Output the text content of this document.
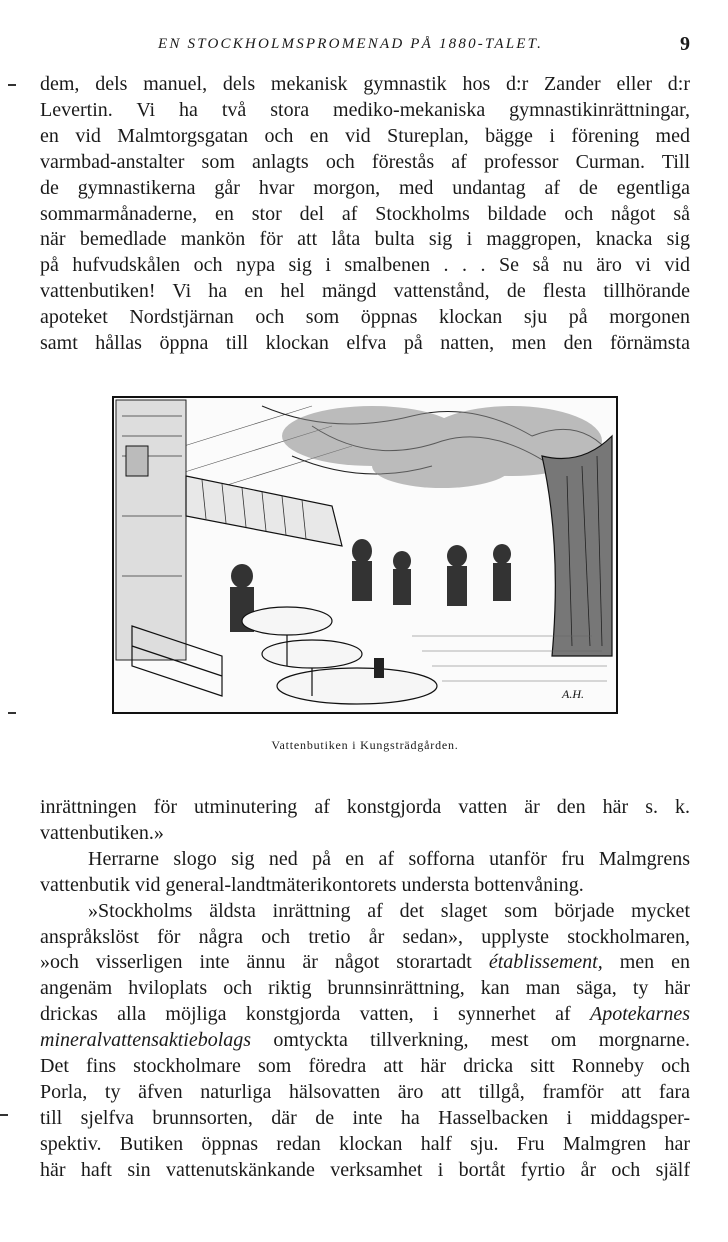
EN STOCKHOLMSPROMENAD PÅ 1880-TALET.	9
dem, dels manuel, dels mekanisk gymnastik hos d:r Zander eller d:r
Levertin. Vi ha två stora mediko-mekaniska gymnastikinrättningar,
en vid Malmtorgsgatan och en vid Stureplan, bägge i förening med
varmbad-anstalter som anlagts och förestås af professor Curman. Till
de gymnastikerna går hvar morgon, med undantag af de egentliga
sommarmånaderne, en stor del af Stockholms bildade och något så
när bemedlade mankön för att låta bulta sig i maggropen, knacka sig
på hufvudskålen och nypa sig i smalbenen . . . Se så nu äro vi vid
vattenbutiken! Vi ha en hel mängd vattenstånd, de flesta tillhörande
apoteket Nordstjärnan och som öppnas klockan sju på morgonen
samt hållas öppna till klockan elfva på natten, men den förnämsta
A.H.
Vattenbutiken i Kungsträdgården.
inrättningen för utminutering af konstgjorda vatten är den här s. k.
vattenbutiken.»
Herrarne slogo sig ned på en af sofforna utanför fru Malmgrens
vattenbutik vid general-landtmäterikontorets understa bottenvåning.
»Stockholms äldsta inrättning af det slaget som började mycket
anspråkslöst för några och tretio år sedan», upplyste stockholmaren,
»och visserligen inte ännu är något storartadt établissement, men en
angenäm hviloplats och riktig brunnsinrättning, kan man säga, ty här
drickas alla möjliga konstgjorda vatten, i synnerhet af Apotekarnes
mineralvattensaktiebolags omtyckta tillverkning, mest om morgnarne.
Det fins stockholmare som föredra att här dricka sitt Ronneby och
Porla, ty äfven naturliga hälsovatten äro att tillgå, framför att fara
till sjelfva brunnsorten, där de inte ha Hasselbacken i middagsper-
spektiv. Butiken öppnas redan klockan half sju. Fru Malmgren har
här haft sin vattenutskänkande verksamhet i bortåt fyrtio år och själf
